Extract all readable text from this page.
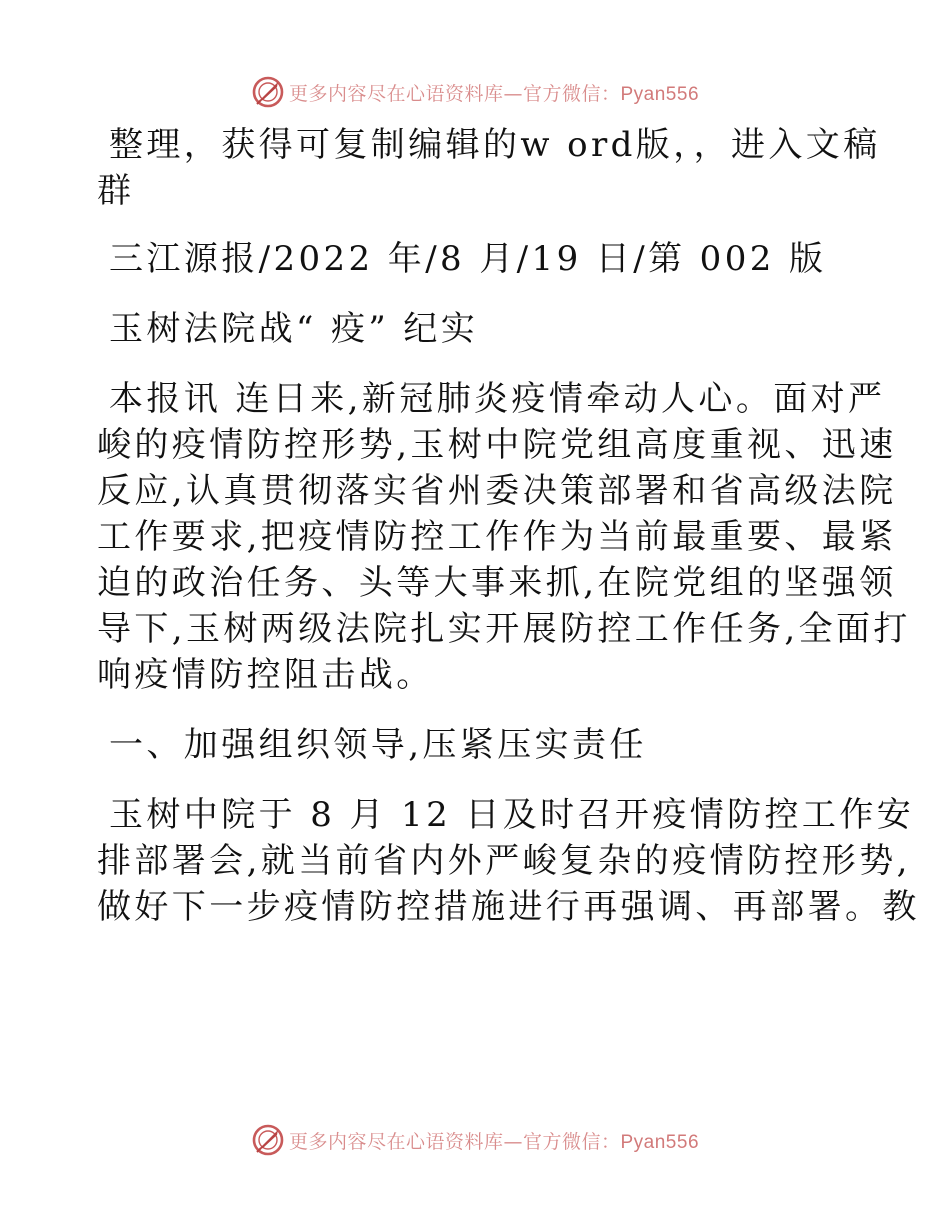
更多内容尽在心语资料库—官方微信：Pyan556
整理，获得可复制编辑的w ord版，，进入文稿
群
三江源报/2022 年/8 月/19 日/第 002 版
玉树法院战“ 疫” 纪实
本报讯 连日来,新冠肺炎疫情牵动人心。面对严
峻的疫情防控形势,玉树中院党组高度重视、迅速
反应,认真贯彻落实省州委决策部署和省高级法院
工作要求,把疫情防控工作作为当前最重要、最紧
迫的政治任务、头等大事来抓,在院党组的坚强领
导下,玉树两级法院扎实开展防控工作任务,全面打
响疫情防控阻击战。
一、加强组织领导,压紧压实责任
玉树中院于 8 月 12 日及时召开疫情防控工作安
排部署会,就当前省内外严峻复杂的疫情防控形势,
做好下一步疫情防控措施进行再强调、再部署。教
更多内容尽在心语资料库—官方微信：Pyan556
